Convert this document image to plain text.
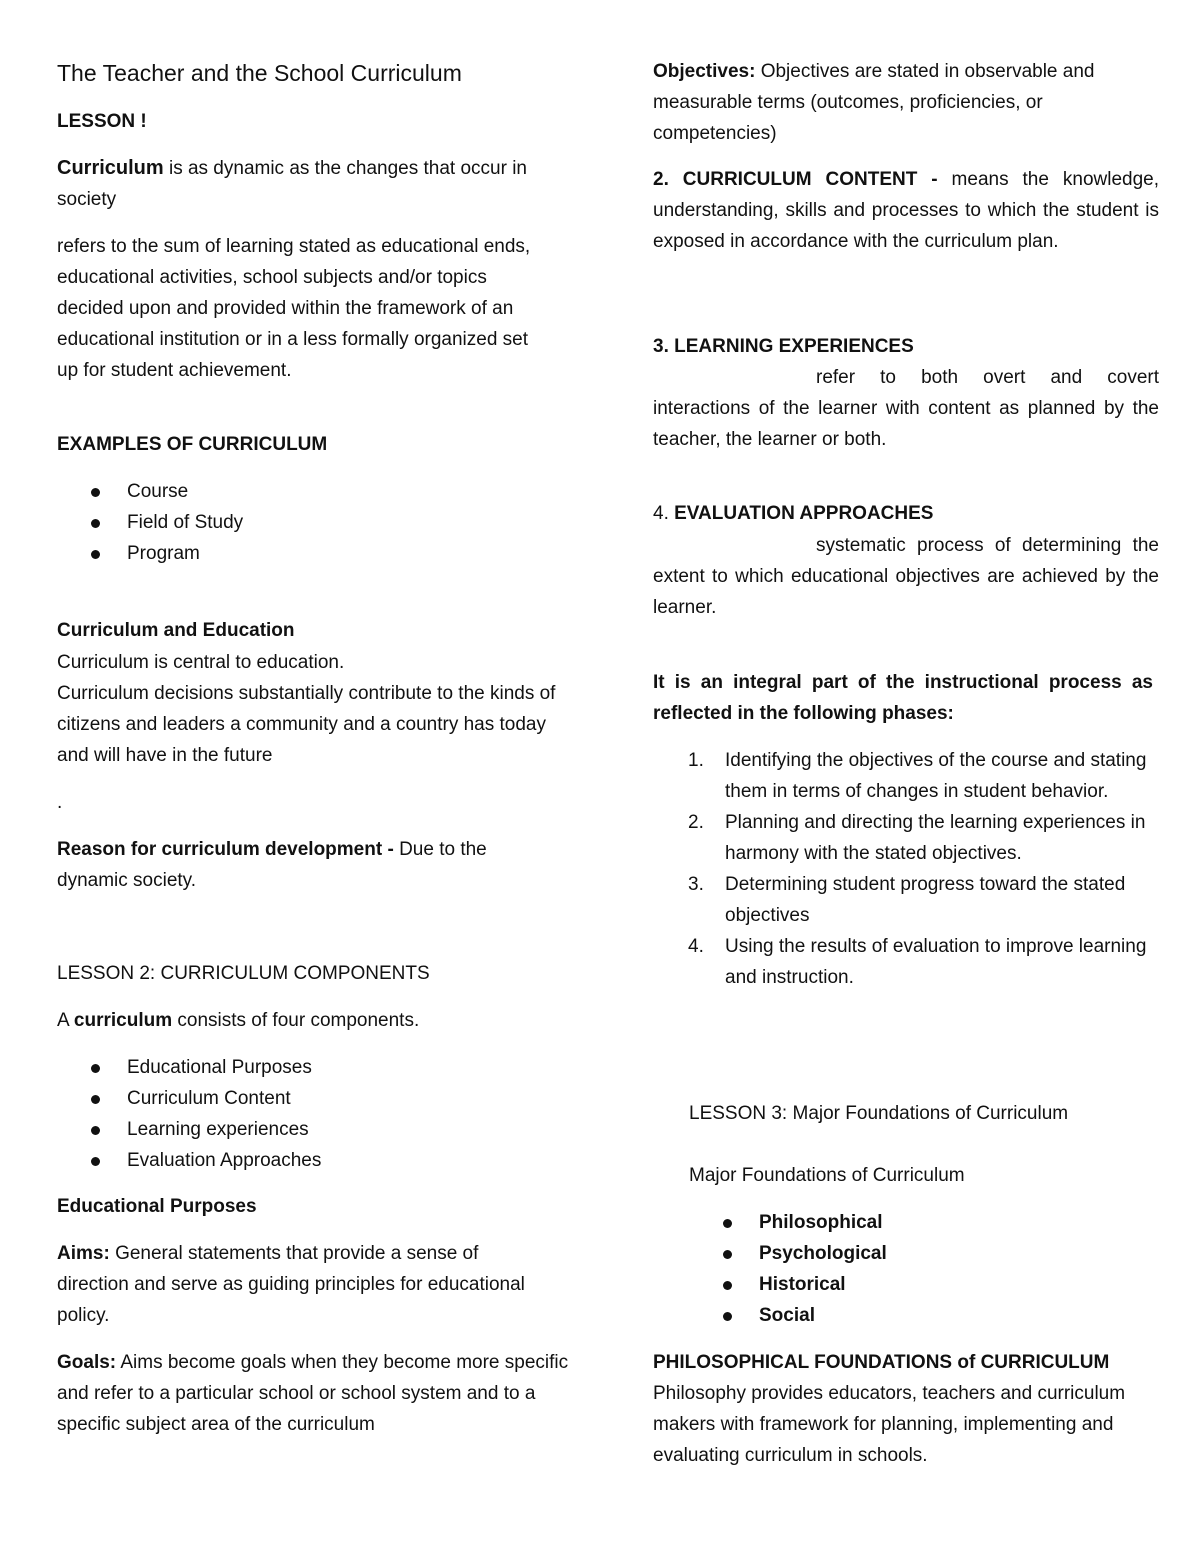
The Teacher and the School Curriculum

LESSON !

Curriculum is as dynamic as the changes that occur in society

refers to the sum of learning stated as educational ends, educational activities, school subjects and/or topics decided upon and provided within the framework of an educational institution or in a less formally organized set up for student achievement.

EXAMPLES OF CURRICULUM

Course
Field of Study
Program

Curriculum and Education

Curriculum is central to education.

Curriculum decisions substantially contribute to the kinds of citizens and leaders a community and a country has today and will have in the future

.

Reason for curriculum development - Due to the dynamic society.

LESSON 2: CURRICULUM COMPONENTS

A curriculum consists of four components.

Educational Purposes
Curriculum Content
Learning experiences
Evaluation Approaches

Educational Purposes

Aims: General statements that provide a sense of direction and serve as guiding principles for educational policy.

Goals: Aims become goals when they become more specific and refer to a particular school or school system and to a specific subject area of the curriculum

Objectives: Objectives are stated in observable and measurable terms (outcomes, proficiencies, or competencies)

2. CURRICULUM CONTENT - means the knowledge, understanding, skills and processes to which the student is exposed in accordance with the curriculum plan.

3. LEARNING EXPERIENCES

refer to both overt and covert interactions of the learner with content as planned by the teacher, the learner or both.

4. EVALUATION APPROACHES

systematic process of determining the extent to which educational objectives are achieved by the learner.

It is an integral part of the instructional process as reflected in the following phases:

1. Identifying the objectives of the course and stating them in terms of changes in student behavior.
2. Planning and directing the learning experiences in harmony with the stated objectives.
3. Determining student progress toward the stated objectives
4. Using the results of evaluation to improve learning and instruction.

LESSON 3: Major Foundations of Curriculum

Major Foundations of Curriculum

Philosophical
Psychological
Historical
Social

PHILOSOPHICAL FOUNDATIONS of CURRICULUM

Philosophy provides educators, teachers and curriculum makers with framework for planning, implementing and evaluating curriculum in schools.
